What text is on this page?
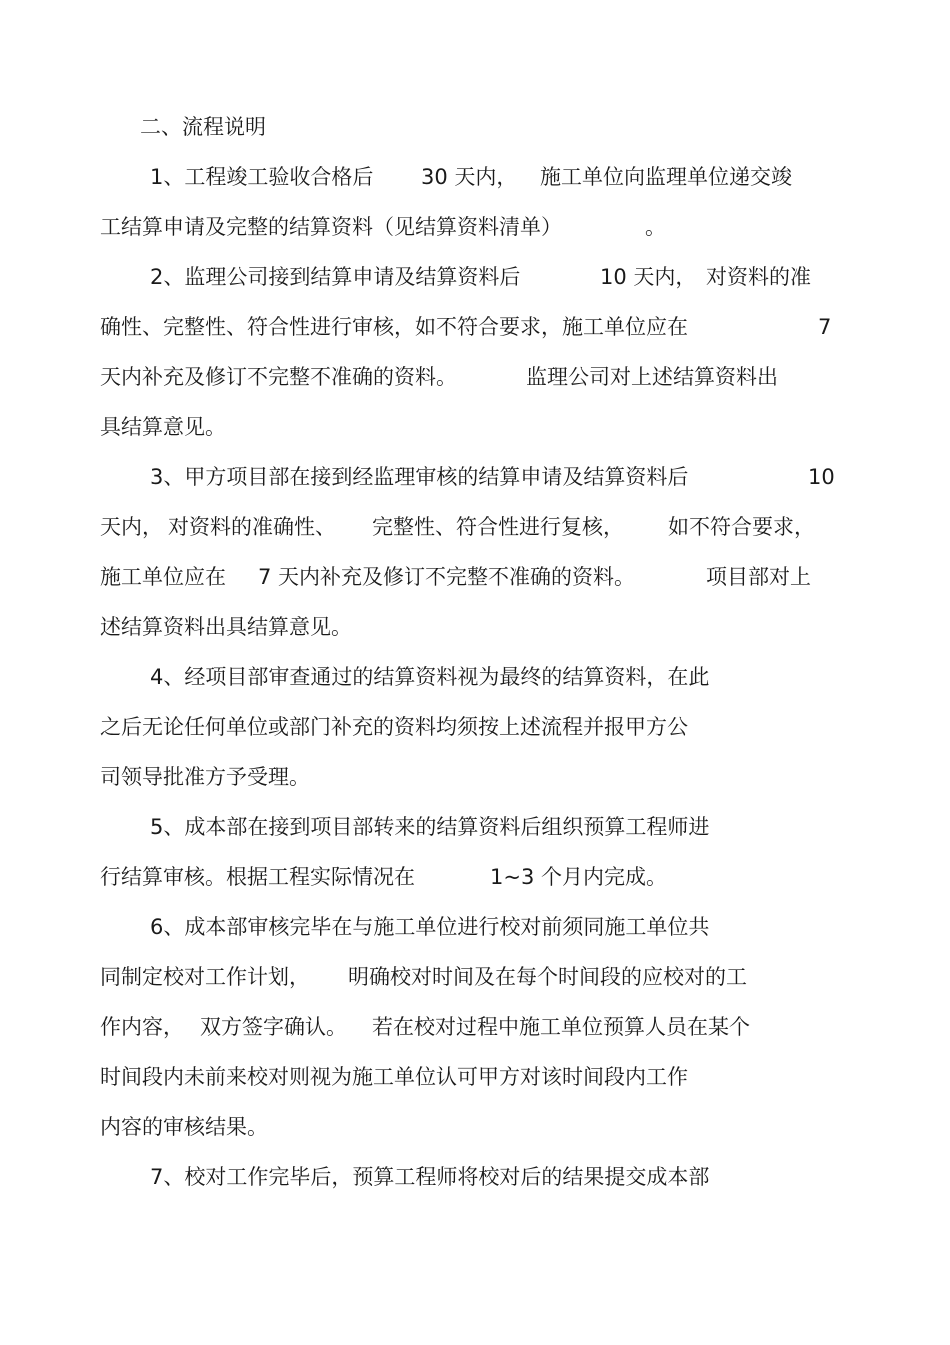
二、流程说明

1、工程竣工验收合格后

30 天内，

施工单位向监理单位递交竣

工结算申请及完整的结算资料（见结算资料清单）

	。

2、监理公司接到结算申请及结算资料后

	10 天内，

对资料的准

确性、完整性、符合性进行审核，如不符合要求，施工单位应在

	7

天内补充及修订不完整不准确的资料。

	监理公司对上述结算资料出

具结算意见。

3、甲方项目部在接到经监理审核的结算申请及结算资料后

	10

天内，

对资料的准确性、

完整性、符合性进行复核，

如不符合要求，

施工单位应在

7 天内补充及修订不完整不准确的资料。

	项目部对上

述结算资料出具结算意见。

4、经项目部审查通过的结算资料视为最终的结算资料，在此

之后无论任何单位或部门补充的资料均须按上述流程并报甲方公

司领导批准方予受理。

5、成本部在接到项目部转来的结算资料后组织预算工程师进

行结算审核。根据工程实际情况在

	1~3 个月内完成。

6、成本部审核完毕在与施工单位进行校对前须同施工单位共

同制定校对工作计划，

明确校对时间及在每个时间段的应校对的工

作内容，

双方签字确认。

若在校对过程中施工单位预算人员在某个

时间段内未前来校对则视为施工单位认可甲方对该时间段内工作

内容的审核结果。

7、校对工作完毕后，预算工程师将校对后的结果提交成本部
